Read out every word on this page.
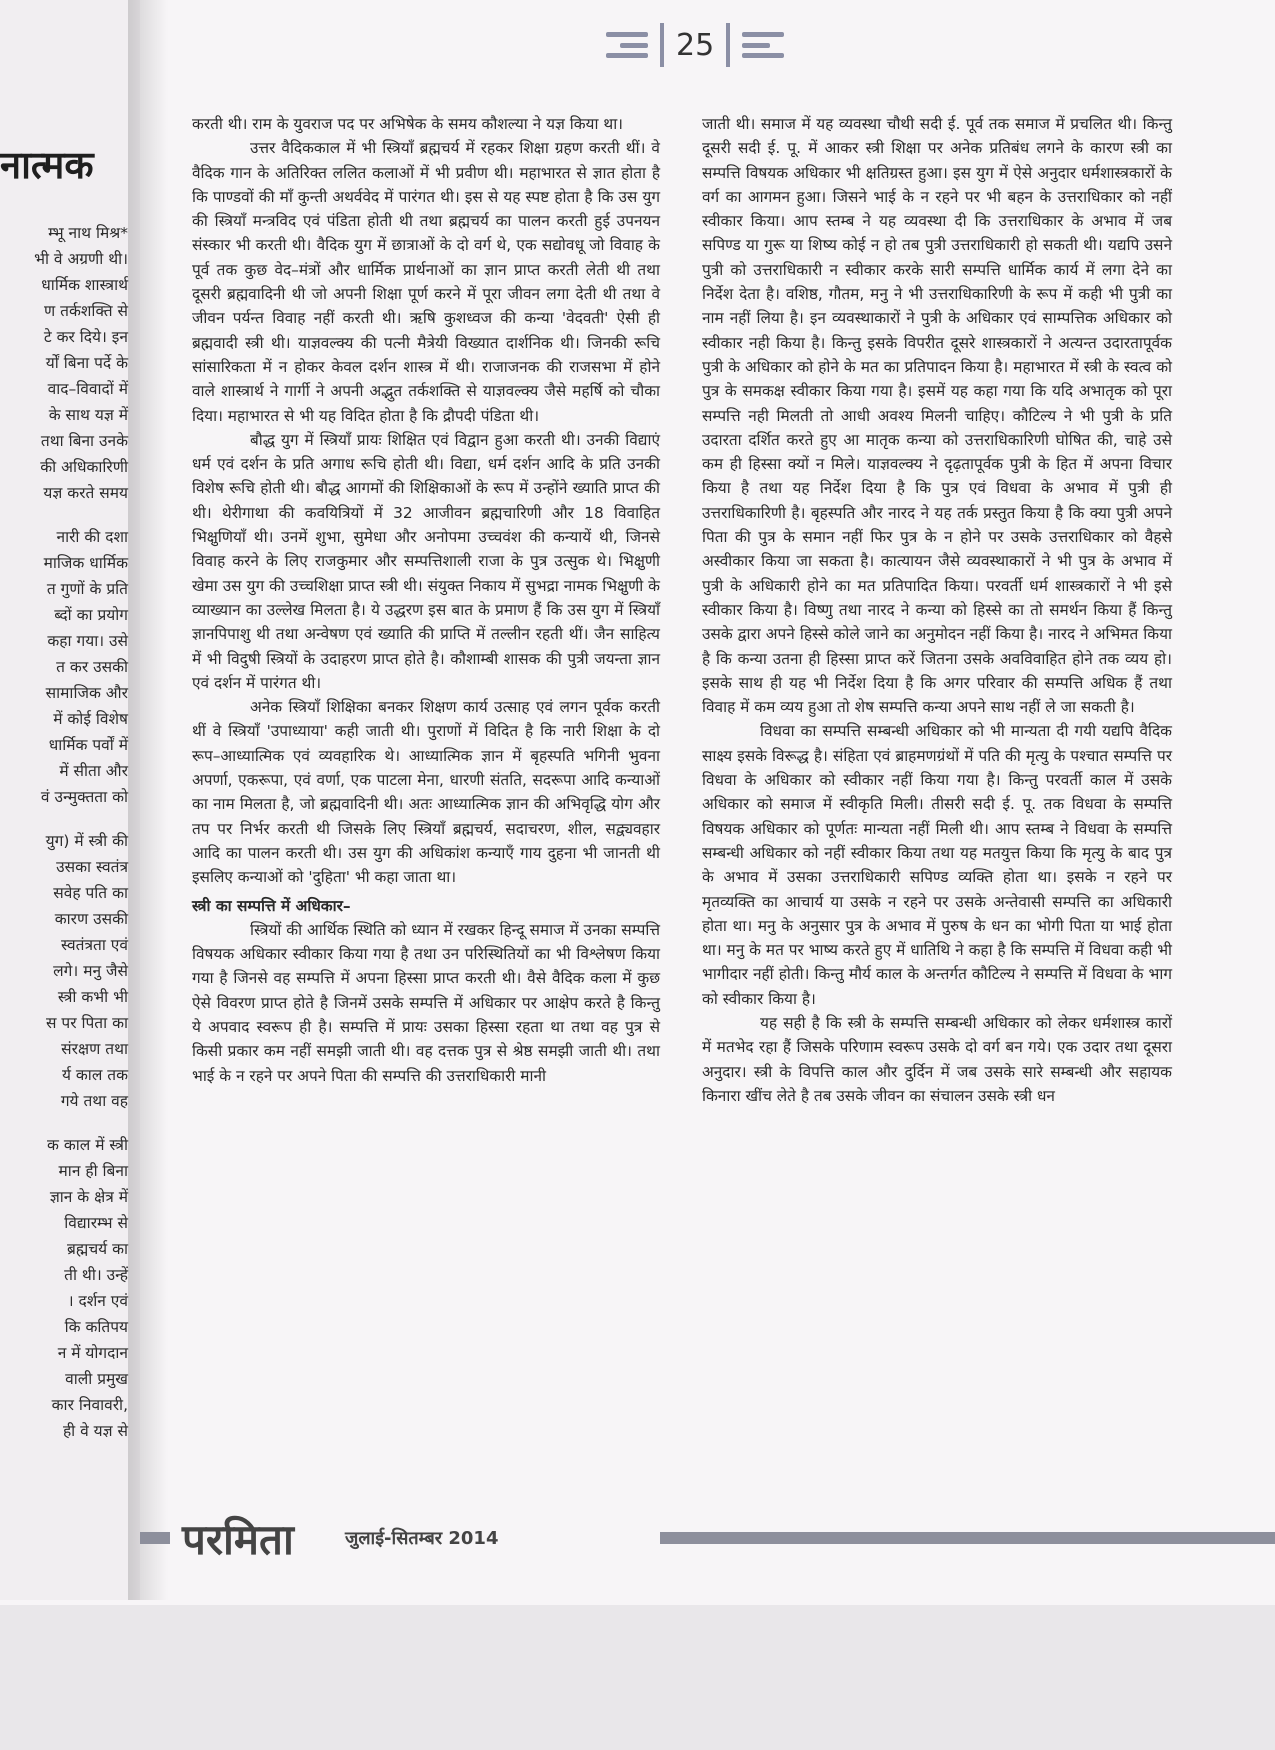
नात्मक
म्भू नाथ मिश्र*
भी वे अग्रणी थी।
धार्मिक शास्त्रार्थ
ण तर्कशक्ति से
टे कर दिये। इन
र्यों बिना पर्दे के
वाद–विवादों में
के साथ यज्ञ में
तथा बिना उनके
की अधिकारिणी
यज्ञ करते समय
नारी की दशा
माजिक धार्मिक
त गुणों के प्रति
ब्दों का प्रयोग
कहा गया। उसे
त कर उसकी
सामाजिक और
में कोई विशेष
धार्मिक पर्वों में
में सीता और
वं उन्मुक्तता को
युग) में स्त्री की
उसका स्वतंत्र
सवेह पति का
कारण उसकी
स्वतंत्रता एवं
लगे। मनु जैसे
स्त्री कभी भी
स पर पिता का
संरक्षण तथा
र्य काल तक
गये तथा वह
क काल में स्त्री
मान ही बिना
ज्ञान के क्षेत्र में
विद्यारम्भ से
ब्रह्मचर्य का
ती थी। उन्हें
। दर्शन एवं
कि कतिपय
न में योगदान
वाली प्रमुख
कार निवावरी,
ही वे यज्ञ से
25

करती थी। राम के युवराज पद पर अभिषेक के समय कौशल्या ने यज्ञ किया था।

उत्तर वैदिककाल में भी स्त्रियाँ ब्रह्मचर्य में रहकर शिक्षा ग्रहण करती थीं। वे वैदिक गान के अतिरिक्त ललित कलाओं में भी प्रवीण थी। महाभारत से ज्ञात होता है कि पाण्डवों की माँ कुन्ती अथर्ववेद में पारंगत थी। इस से यह स्पष्ट होता है कि उस युग की स्त्रियाँ मन्त्रविद एवं पंडिता होती थी तथा ब्रह्मचर्य का पालन करती हुई उपनयन संस्कार भी करती थी। वैदिक युग में छात्राओं के दो वर्ग थे, एक सद्योवधू जो विवाह के पूर्व तक कुछ वेद–मंत्रों और धार्मिक प्रार्थनाओं का ज्ञान प्राप्त करती लेती थी तथा दूसरी ब्रह्मवादिनी थी जो अपनी शिक्षा पूर्ण करने में पूरा जीवन लगा देती थी तथा वे जीवन पर्यन्त विवाह नहीं करती थी। ऋषि कुशध्वज की कन्या 'वेदवती' ऐसी ही ब्रह्मवादी स्त्री थी। याज्ञवल्क्य की पत्नी मैत्रेयी विख्यात दार्शनिक थी। जिनकी रूचि सांसारिकता में न होकर केवल दर्शन शास्त्र में थी। राजाजनक की राजसभा में होने वाले शास्त्रार्थ ने गार्गी ने अपनी अद्भुत तर्कशक्ति से याज्ञवल्क्य जैसे महर्षि को चौका दिया। महाभारत से भी यह विदित होता है कि द्रौपदी पंडिता थी।

बौद्ध युग में स्त्रियाँ प्रायः शिक्षित एवं विद्वान हुआ करती थी। उनकी विद्याएं धर्म एवं दर्शन के प्रति अगाध रूचि होती थी। विद्या, धर्म दर्शन आदि के प्रति उनकी विशेष रूचि होती थी। बौद्ध आगमों की शिक्षिकाओं के रूप में उन्होंने ख्याति प्राप्त की थी। थेरीगाथा की कवयित्रियों में 32 आजीवन ब्रह्मचारिणी और 18 विवाहित भिक्षुणियाँ थी। उनमें शुभा, सुमेधा और अनोपमा उच्चवंश की कन्यायें थी, जिनसे विवाह करने के लिए राजकुमार और सम्पत्तिशाली राजा के पुत्र उत्सुक थे। भिक्षुणी खेमा उस युग की उच्चशिक्षा प्राप्त स्त्री थी। संयुक्त निकाय में सुभद्रा नामक भिक्षुणी के व्याख्यान का उल्लेख मिलता है। ये उद्धरण इस बात के प्रमाण हैं कि उस युग में स्त्रियाँ ज्ञानपिपाशु थी तथा अन्वेषण एवं ख्याति की प्राप्ति में तल्लीन रहती थीं। जैन साहित्य में भी विदुषी स्त्रियों के उदाहरण प्राप्त होते है। कौशाम्बी शासक की पुत्री जयन्ता ज्ञान एवं दर्शन में पारंगत थी।

अनेक स्त्रियाँ शिक्षिका बनकर शिक्षण कार्य उत्साह एवं लगन पूर्वक करती थीं वे स्त्रियाँ 'उपाध्याया' कही जाती थी। पुराणों में विदित है कि नारी शिक्षा के दो रूप–आध्यात्मिक एवं व्यवहारिक थे। आध्यात्मिक ज्ञान में बृहस्पति भगिनी भुवना अपर्णा, एकरूपा, एवं वर्णा, एक पाटला मेना, धारणी संतति, सदरूपा आदि कन्याओं का नाम मिलता है, जो ब्रह्मवादिनी थी। अतः आध्यात्मिक ज्ञान की अभिवृद्धि योग और तप पर निर्भर करती थी जिसके लिए स्त्रियाँ ब्रह्मचर्य, सदाचरण, शील, सद्व्यवहार आदि का पालन करती थी। उस युग की अधिकांश कन्याएँ गाय दुहना भी जानती थी इसलिए कन्याओं को 'दुहिता' भी कहा जाता था।

स्त्री का सम्पत्ति में अधिकार–

स्त्रियों की आर्थिक स्थिति को ध्यान में रखकर हिन्दू समाज में उनका सम्पत्ति विषयक अधिकार स्वीकार किया गया है तथा उन परिस्थितियों का भी विश्लेषण किया गया है जिनसे वह सम्पत्ति में अपना हिस्सा प्राप्त करती थी। वैसे वैदिक कला में कुछ ऐसे विवरण प्राप्त होते है जिनमें उसके सम्पत्ति में अधिकार पर आक्षेप करते है किन्तु ये अपवाद स्वरूप ही है। सम्पत्ति में प्रायः उसका हिस्सा रहता था तथा वह पुत्र से किसी प्रकार कम नहीं समझी जाती थी। वह दत्तक पुत्र से श्रेष्ठ समझी जाती थी। तथा भाई के न रहने पर अपने पिता की सम्पत्ति की उत्तराधिकारी मानी

जाती थी। समाज में यह व्यवस्था चौथी सदी ई. पूर्व तक समाज में प्रचलित थी। किन्तु दूसरी सदी ई. पू. में आकर स्त्री शिक्षा पर अनेक प्रतिबंध लगने के कारण स्त्री का सम्पत्ति विषयक अधिकार भी क्षतिग्रस्त हुआ। इस युग में ऐसे अनुदार धर्मशास्त्रकारों के वर्ग का आगमन हुआ। जिसने भाई के न रहने पर भी बहन के उत्तराधिकार को नहीं स्वीकार किया। आप स्तम्ब ने यह व्यवस्था दी कि उत्तराधिकार के अभाव में जब सपिण्ड या गुरू या शिष्य कोई न हो तब पुत्री उत्तराधिकारी हो सकती थी। यद्यपि उसने पुत्री को उत्तराधिकारी न स्वीकार करके सारी सम्पत्ति धार्मिक कार्य में लगा देने का निर्देश देता है। वशिष्ठ, गौतम, मनु ने भी उत्तराधिकारिणी के रूप में कही भी पुत्री का नाम नहीं लिया है। इन व्यवस्थाकारों ने पुत्री के अधिकार एवं साम्पत्तिक अधिकार को स्वीकार नही किया है। किन्तु इसके विपरीत दूसरे शास्त्रकारों ने अत्यन्त उदारतापूर्वक पुत्री के अधिकार को होने के मत का प्रतिपादन किया है। महाभारत में स्त्री के स्वत्व को पुत्र के समकक्ष स्वीकार किया गया है। इसमें यह कहा गया कि यदि अभातृक को पूरा सम्पत्ति नही मिलती तो आधी अवश्य मिलनी चाहिए। कौटिल्य ने भी पुत्री के प्रति उदारता दर्शित करते हुए आ मातृक कन्या को उत्तराधिकारिणी घोषित की, चाहे उसे कम ही हिस्सा क्यों न मिले। याज्ञवल्क्य ने दृढ़तापूर्वक पुत्री के हित में अपना विचार किया है तथा यह निर्देश दिया है कि पुत्र एवं विधवा के अभाव में पुत्री ही उत्तराधिकारिणी है। बृहस्पति और नारद ने यह तर्क प्रस्तुत किया है कि क्या पुत्री अपने पिता की पुत्र के समान नहीं फिर पुत्र के न होने पर उसके उत्तराधिकार को वैहसे अस्वीकार किया जा सकता है। कात्यायन जैसे व्यवस्थाकारों ने भी पुत्र के अभाव में पुत्री के अधिकारी होने का मत प्रतिपादित किया। परवर्ती धर्म शास्त्रकारों ने भी इसे स्वीकार किया है। विष्णु तथा नारद ने कन्या को हिस्से का तो समर्थन किया हैं किन्तु उसके द्वारा अपने हिस्से कोले जाने का अनुमोदन नहीं किया है। नारद ने अभिमत किया है कि कन्या उतना ही हिस्सा प्राप्त करें जितना उसके अवविवाहित होने तक व्यय हो। इसके साथ ही यह भी निर्देश दिया है कि अगर परिवार की सम्पत्ति अधिक हैं तथा विवाह में कम व्यय हुआ तो शेष सम्पत्ति कन्या अपने साथ नहीं ले जा सकती है।

विधवा का सम्पत्ति सम्बन्धी अधिकार को भी मान्यता दी गयी यद्यपि वैदिक साक्ष्य इसके विरूद्ध है। संहिता एवं ब्राहमणग्रंथों में पति की मृत्यु के पश्चात सम्पत्ति पर विधवा के अधिकार को स्वीकार नहीं किया गया है। किन्तु परवर्ती काल में उसके अधिकार को समाज में स्वीकृति मिली। तीसरी सदी ई. पू. तक विधवा के सम्पत्ति विषयक अधिकार को पूर्णतः मान्यता नहीं मिली थी। आप स्तम्ब ने विधवा के सम्पत्ति सम्बन्धी अधिकार को नहीं स्वीकार किया तथा यह मतयुत्त किया कि मृत्यु के बाद पुत्र के अभाव में उसका उत्तराधिकारी सपिण्ड व्यक्ति होता था। इसके न रहने पर मृतव्यक्ति का आचार्य या उसके न रहने पर उसके अन्तेवासी सम्पत्ति का अधिकारी होता था। मनु के अनुसार पुत्र के अभाव में पुरुष के धन का भोगी पिता या भाई होता था। मनु के मत पर भाष्य करते हुए में धातिथि ने कहा है कि सम्पत्ति में विधवा कही भी भागीदार नहीं होती। किन्तु मौर्य काल के अन्तर्गत कौटिल्य ने सम्पत्ति में विधवा के भाग को स्वीकार किया है।

यह सही है कि स्त्री के सम्पत्ति सम्बन्धी अधिकार को लेकर धर्मशास्त्र कारों में मतभेद रहा हैं जिसके परिणाम स्वरूप उसके दो वर्ग बन गये। एक उदार तथा दूसरा अनुदार। स्त्री के विपत्ति काल और दुर्दिन में जब उसके सारे सम्बन्धी और सहायक किनारा खींच लेते है तब उसके जीवन का संचालन उसके स्त्री धन

परमिता	जुलाई-सितम्बर 2014
